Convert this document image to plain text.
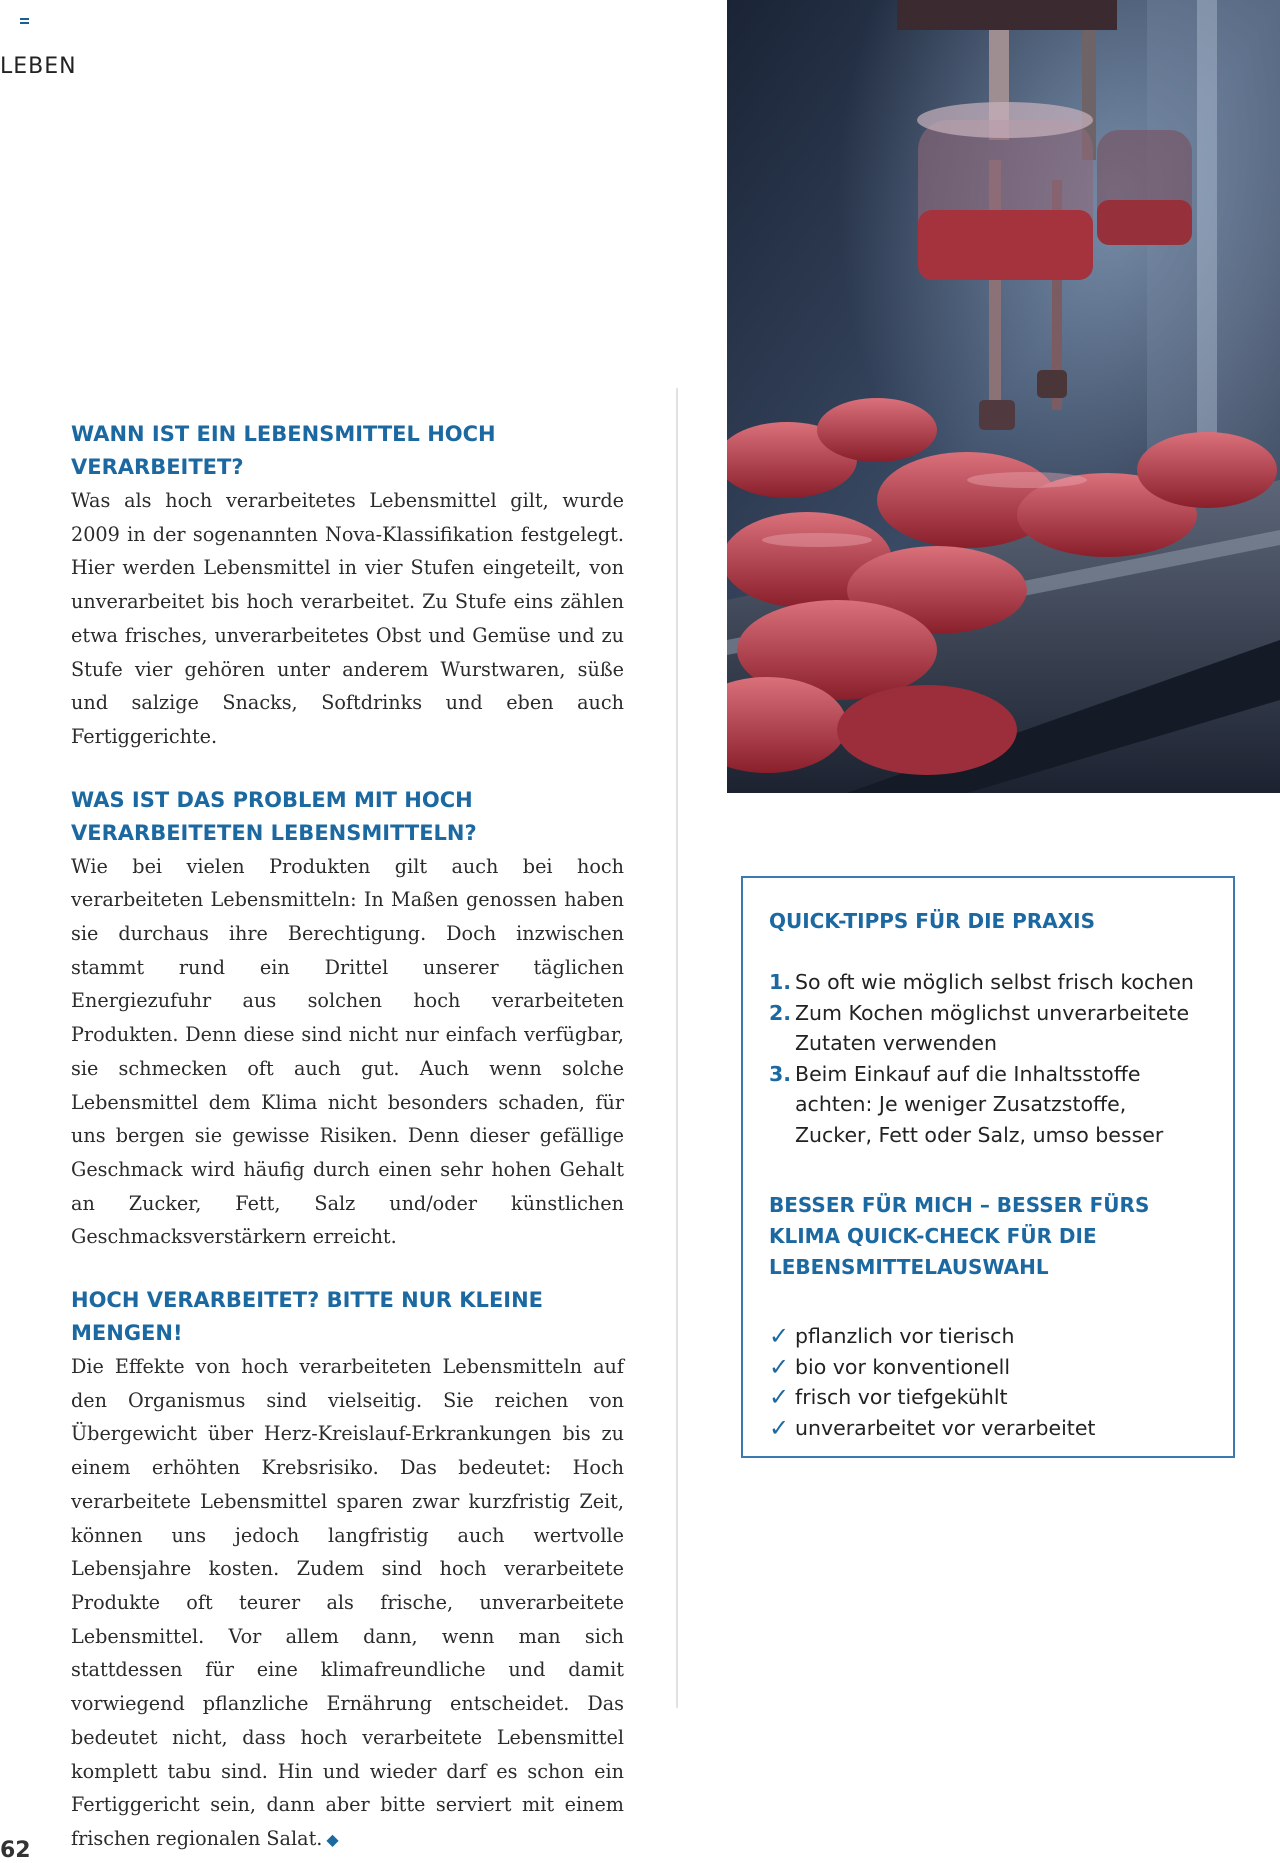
LEBEN
WANN IST EIN LEBENSMITTEL HOCH VERARBEITET?

Was als hoch verarbeitetes Lebensmittel gilt, wurde 2009 in der sogenannten Nova-Klassifikation festgelegt. Hier werden Lebensmittel in vier Stufen eingeteilt, von unverarbeitet bis hoch verarbeitet. Zu Stufe eins zählen etwa frisches, unverarbeitetes Obst und Gemüse und zu Stufe vier gehören unter anderem Wurstwaren, süße und salzige Snacks, Softdrinks und eben auch Fertiggerichte.

WAS IST DAS PROBLEM MIT HOCH VERARBEITETEN LEBENSMITTELN?

Wie bei vielen Produkten gilt auch bei hoch verarbeiteten Lebensmitteln: In Maßen genossen haben sie durchaus ihre Berechtigung. Doch inzwischen stammt rund ein Drittel unserer täglichen Energiezufuhr aus solchen hoch verarbeiteten Produkten. Denn diese sind nicht nur einfach verfügbar, sie schmecken oft auch gut. Auch wenn solche Lebensmittel dem Klima nicht besonders schaden, für uns bergen sie gewisse Risiken. Denn dieser gefällige Geschmack wird häufig durch einen sehr hohen Gehalt an Zucker, Fett, Salz und/oder künstlichen Geschmacksverstärkern erreicht.

HOCH VERARBEITET? BITTE NUR KLEINE MENGEN!

Die Effekte von hoch verarbeiteten Lebensmitteln auf den Organismus sind vielseitig. Sie reichen von Übergewicht über Herz-Kreislauf-Erkrankungen bis zu einem erhöhten Krebsrisiko. Das bedeutet: Hoch verarbeitete Lebensmittel sparen zwar kurzfristig Zeit, können uns jedoch langfristig auch wertvolle Lebensjahre kosten. Zudem sind hoch verarbeitete Produkte oft teurer als frische, unverarbeitete Lebensmittel. Vor allem dann, wenn man sich stattdessen für eine klimafreundliche und damit vorwiegend pflanzliche Ernährung entscheidet. Das bedeutet nicht, dass hoch verarbeitete Lebensmittel komplett tabu sind. Hin und wieder darf es schon ein Fertiggericht sein, dann aber bitte serviert mit einem frischen regionalen Salat. ◆

QUICK-TIPPS FÜR DIE PRAXIS
1. So oft wie möglich selbst frisch kochen
2. Zum Kochen möglichst unverarbeitete Zutaten verwenden
3. Beim Einkauf auf die Inhaltsstoffe achten: Je weniger Zusatzstoffe, Zucker, Fett oder Salz, umso besser
BESSER FÜR MICH – BESSER FÜRS KLIMA QUICK-CHECK FÜR DIE LEBENSMITTELAUSWAHL
✓ pflanzlich vor tierisch
✓ bio vor konventionell
✓ frisch vor tiefgekühlt
✓ unverarbeitet vor verarbeitet
62
